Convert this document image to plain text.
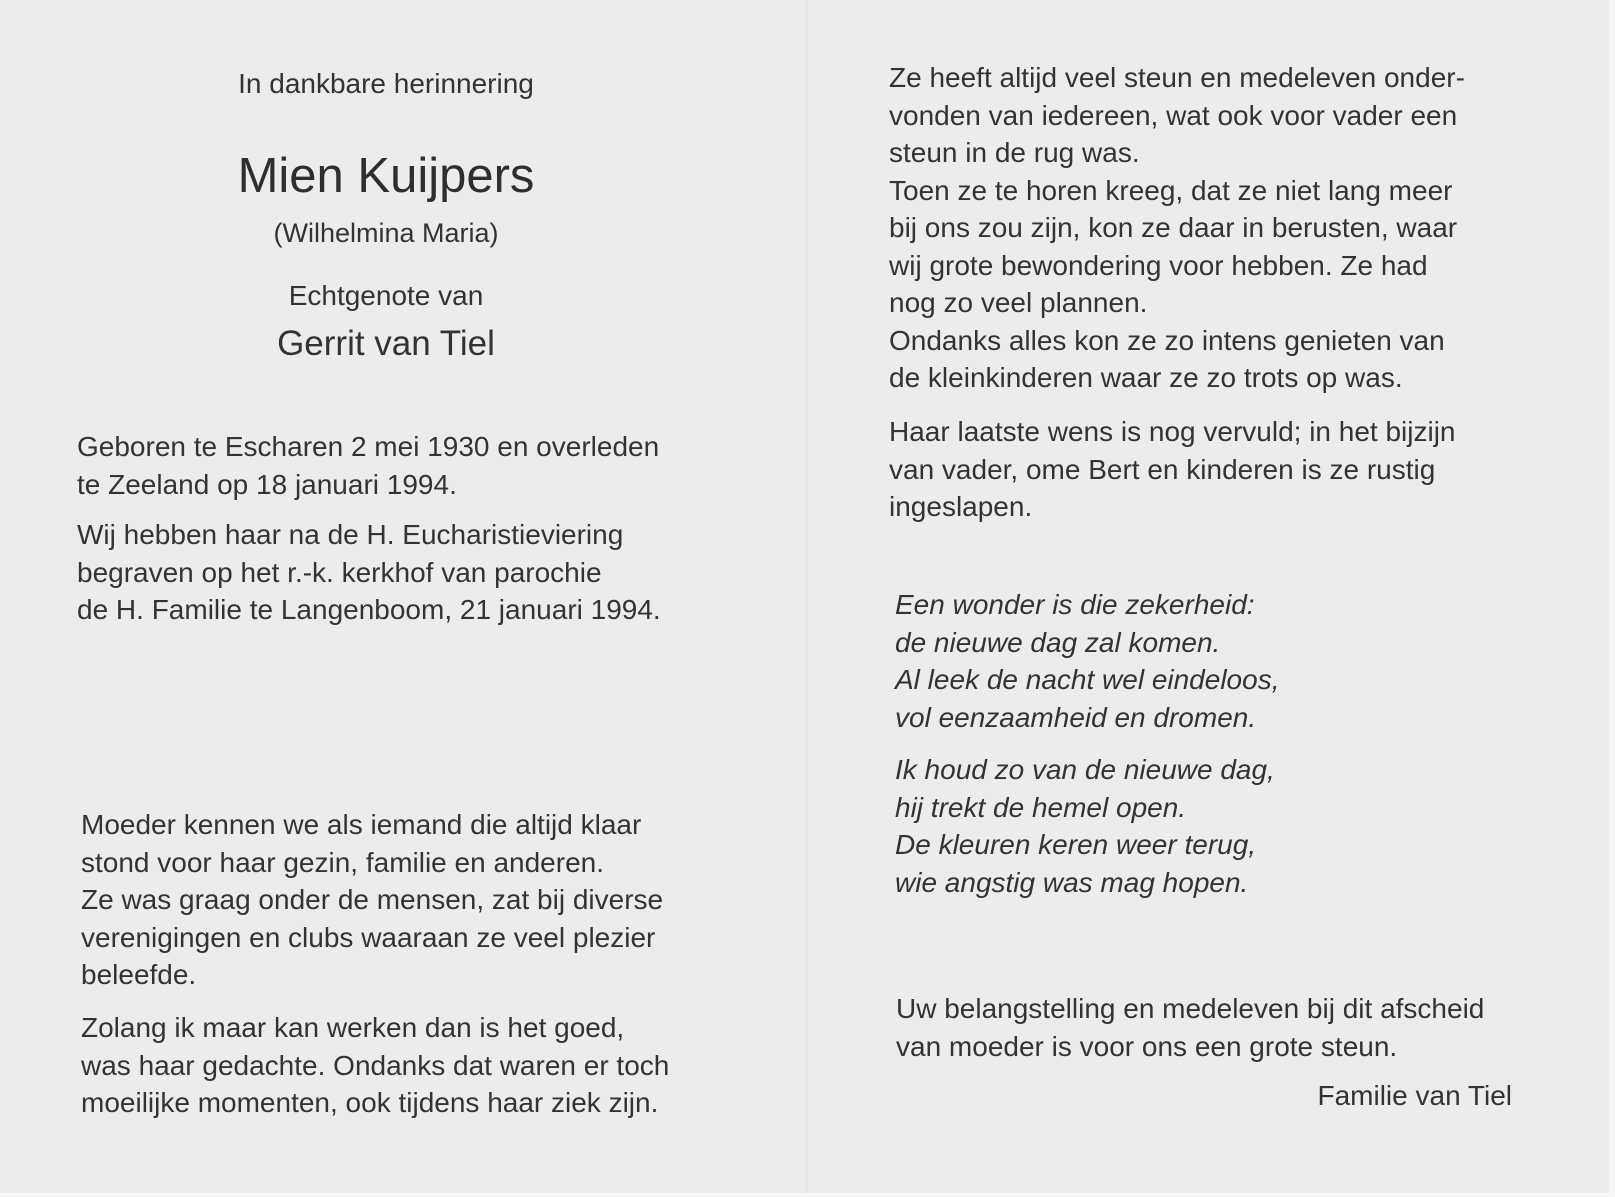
In dankbare herinnering
Mien Kuijpers
(Wilhelmina Maria)
Echtgenote van
Gerrit van Tiel

Geboren te Escharen 2 mei 1930 en overleden
te Zeeland op 18 januari 1994.

Wij hebben haar na de H. Eucharistieviering
begraven op het r.-k. kerkhof van parochie
de H. Familie te Langenboom, 21 januari 1994.

Moeder kennen we als iemand die altijd klaar
stond voor haar gezin, familie en anderen.
Ze was graag onder de mensen, zat bij diverse
verenigingen en clubs waaraan ze veel plezier
beleefde.

Zolang ik maar kan werken dan is het goed,
was haar gedachte. Ondanks dat waren er toch
moeilijke momenten, ook tijdens haar ziek zijn.

Ze heeft altijd veel steun en medeleven onder-
vonden van iedereen, wat ook voor vader een
steun in de rug was.
Toen ze te horen kreeg, dat ze niet lang meer
bij ons zou zijn, kon ze daar in berusten, waar
wij grote bewondering voor hebben. Ze had
nog zo veel plannen.
Ondanks alles kon ze zo intens genieten van
de kleinkinderen waar ze zo trots op was.

Haar laatste wens is nog vervuld; in het bijzijn
van vader, ome Bert en kinderen is ze rustig
ingeslapen.

Een wonder is die zekerheid:
de nieuwe dag zal komen.
Al leek de nacht wel eindeloos,
vol eenzaamheid en dromen.

Ik houd zo van de nieuwe dag,
hij trekt de hemel open.
De kleuren keren weer terug,
wie angstig was mag hopen.

Uw belangstelling en medeleven bij dit afscheid
van moeder is voor ons een grote steun.

Familie van Tiel
